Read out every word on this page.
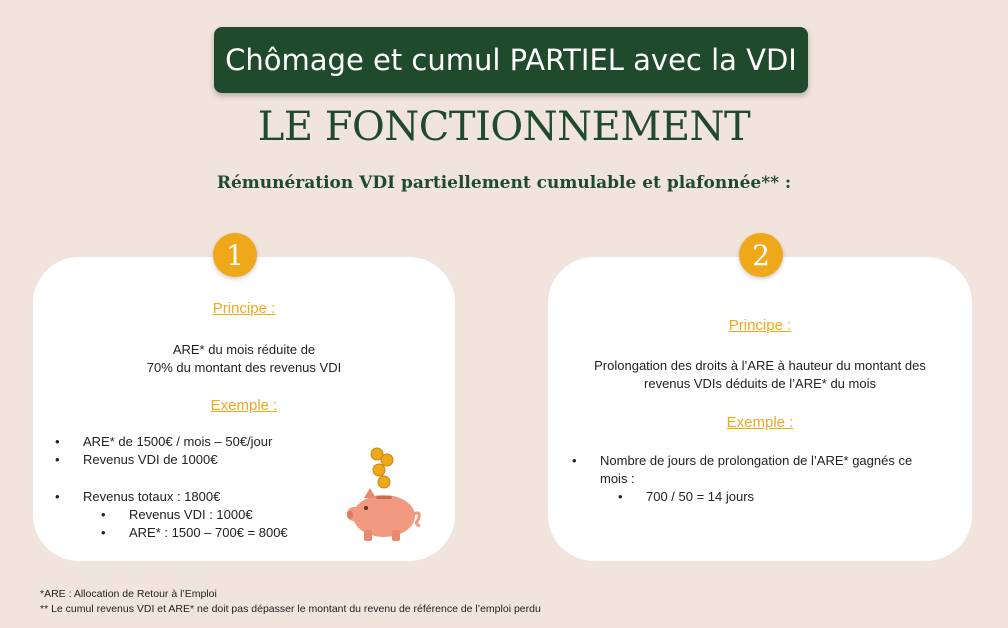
Chômage et cumul PARTIEL avec la VDI
LE FONCTIONNEMENT
Rémunération VDI partiellement cumulable et plafonnée** :
Principe :
ARE* du mois réduite de
70% du montant des revenus VDI
Exemple :
• ARE* de 1500€ / mois – 50€/jour
• Revenus VDI de 1000€
• Revenus totaux : 1800€
• Revenus VDI : 1000€
• ARE* : 1500 – 700€ = 800€
1
Principe :
Prolongation des droits à l’ARE à hauteur du montant des
revenus VDIs déduits de l’ARE* du mois
Exemple :
• Nombre de jours de prolongation de l’ARE* gagnés ce
mois :
• 700 / 50 = 14 jours
2
*ARE : Allocation de Retour à l’Emploi
** Le cumul revenus VDI et ARE* ne doit pas dépasser le montant du revenu de référence de l’emploi perdu
